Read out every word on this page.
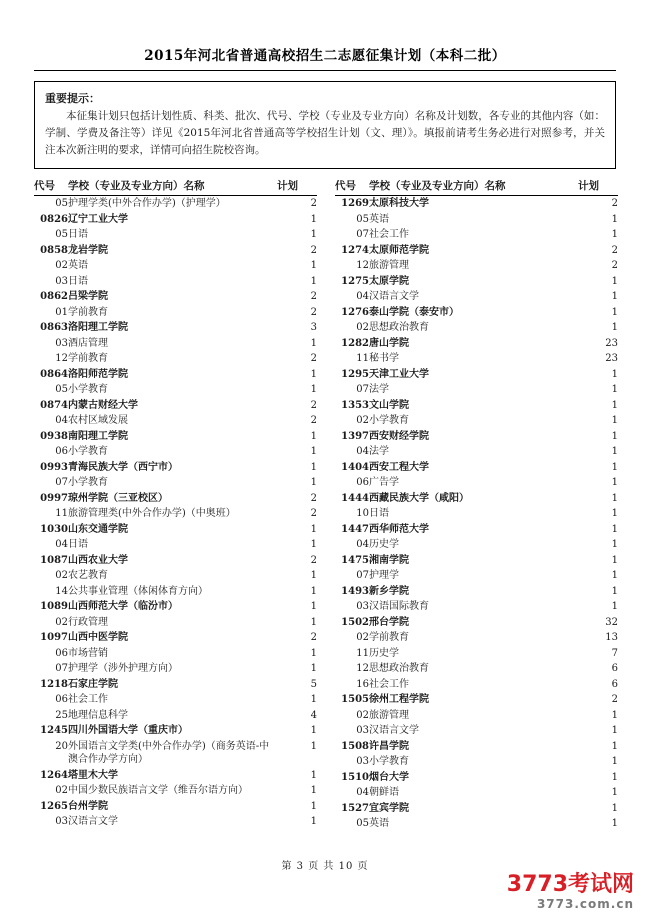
2015年河北省普通高校招生二志愿征集计划（本科二批）
重要提示：
本征集计划只包括计划性质、科类、批次、代号、学校（专业及专业方向）名称及计划数，各专业的其他内容（如：学制、学费及备注等）详见《2015年河北省普通高等学校招生计划（文、理）》。填报前请考生务必进行对照参考，并关注本次新注明的要求，详情可向招生院校咨询。
代号	学校（专业及专业方向）名称	计划
05	护理学类(中外合作办学)（护理学）	2
0826	辽宁工业大学	1
05	日语	1
0858	龙岩学院	2
02	英语	1
03	日语	1
0862	吕梁学院	2
01	学前教育	2
0863	洛阳理工学院	3
03	酒店管理	1
12	学前教育	2
0864	洛阳师范学院	1
05	小学教育	1
0874	内蒙古财经大学	2
04	农村区域发展	2
0938	南阳理工学院	1
06	小学教育	1
0993	青海民族大学（西宁市）	1
07	小学教育	1
0997	琼州学院（三亚校区）	2
11	旅游管理类(中外合作办学)（中奥班）	2
1030	山东交通学院	1
04	日语	1
1087	山西农业大学	2
02	农艺教育	1
14	公共事业管理（体闲体育方向）	1
1089	山西师范大学（临汾市）	1
02	行政管理	1
1097	山西中医学院	2
06	市场营销	1
07	护理学（涉外护理方向）	1
1218	石家庄学院	5
06	社会工作	1
25	地理信息科学	4
1245	四川外国语大学（重庆市）	1
20	外国语言文学类(中外合作办学)（商务英语-中澳合作办学方向）	1
1264	塔里木大学	1
02	中国少数民族语言文学（维吾尔语方向）	1
1265	台州学院	1
03	汉语言文学	1
代号	学校（专业及专业方向）名称	计划
1269	太原科技大学	2
05	英语	1
07	社会工作	1
1274	太原师范学院	2
12	旅游管理	2
1275	太原学院	1
04	汉语言文学	1
1276	泰山学院（泰安市）	1
02	思想政治教育	1
1282	唐山学院	23
11	秘书学	23
1295	天津工业大学	1
07	法学	1
1353	文山学院	1
02	小学教育	1
1397	西安财经学院	1
04	法学	1
1404	西安工程大学	1
06	广告学	1
1444	西藏民族大学（咸阳）	1
10	日语	1
1447	西华师范大学	1
04	历史学	1
1475	湘南学院	1
07	护理学	1
1493	新乡学院	1
03	汉语国际教育	1
1502	邢台学院	32
02	学前教育	13
11	历史学	7
12	思想政治教育	6
16	社会工作	6
1505	徐州工程学院	2
02	旅游管理	1
03	汉语言文学	1
1508	许昌学院	1
03	小学教育	1
1510	烟台大学	1
04	朝鲜语	1
1527	宜宾学院	1
05	英语	1
第 3 页 共 10 页
3773考试网
3773.com.cn
